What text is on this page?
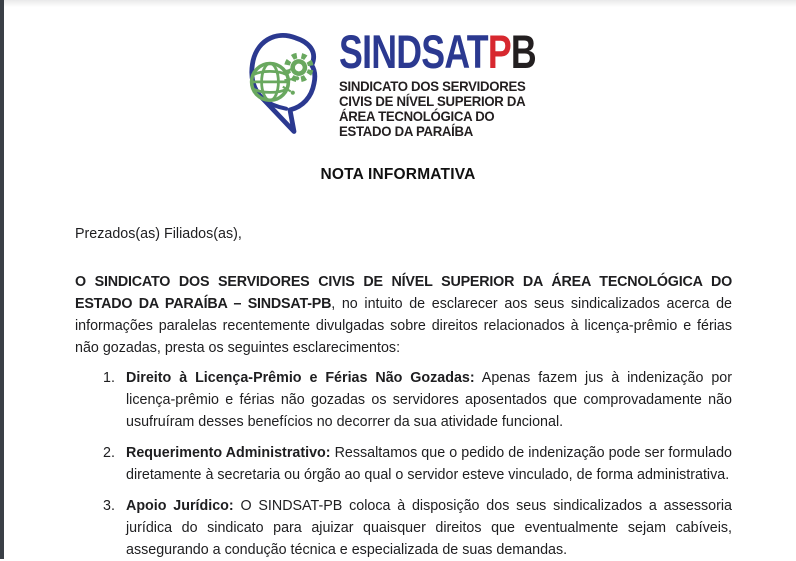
SINDSATPB
SINDICATO DOS SERVIDORES
CIVIS DE NÍVEL SUPERIOR DA
ÁREA TECNOLÓGICA DO
ESTADO DA PARAÍBA
NOTA INFORMATIVA

Prezados(as) Filiados(as),

O SINDICATO DOS SERVIDORES CIVIS DE NÍVEL SUPERIOR DA ÁREA TECNOLÓGICA DO ESTADO DA PARAÍBA – SINDSAT-PB, no intuito de esclarecer aos seus sindicalizados acerca de informações paralelas recentemente divulgadas sobre direitos relacionados à licença-prêmio e férias não gozadas, presta os seguintes esclarecimentos:

1. Direito à Licença-Prêmio e Férias Não Gozadas: Apenas fazem jus à indenização por licença-prêmio e férias não gozadas os servidores aposentados que comprovadamente não usufruíram desses benefícios no decorrer da sua atividade funcional.
2. Requerimento Administrativo: Ressaltamos que o pedido de indenização pode ser formulado diretamente à secretaria ou órgão ao qual o servidor esteve vinculado, de forma administrativa.
3. Apoio Jurídico: O SINDSAT-PB coloca à disposição dos seus sindicalizados a assessoria jurídica do sindicato para ajuizar quaisquer direitos que eventualmente sejam cabíveis, assegurando a condução técnica e especializada de suas demandas.
